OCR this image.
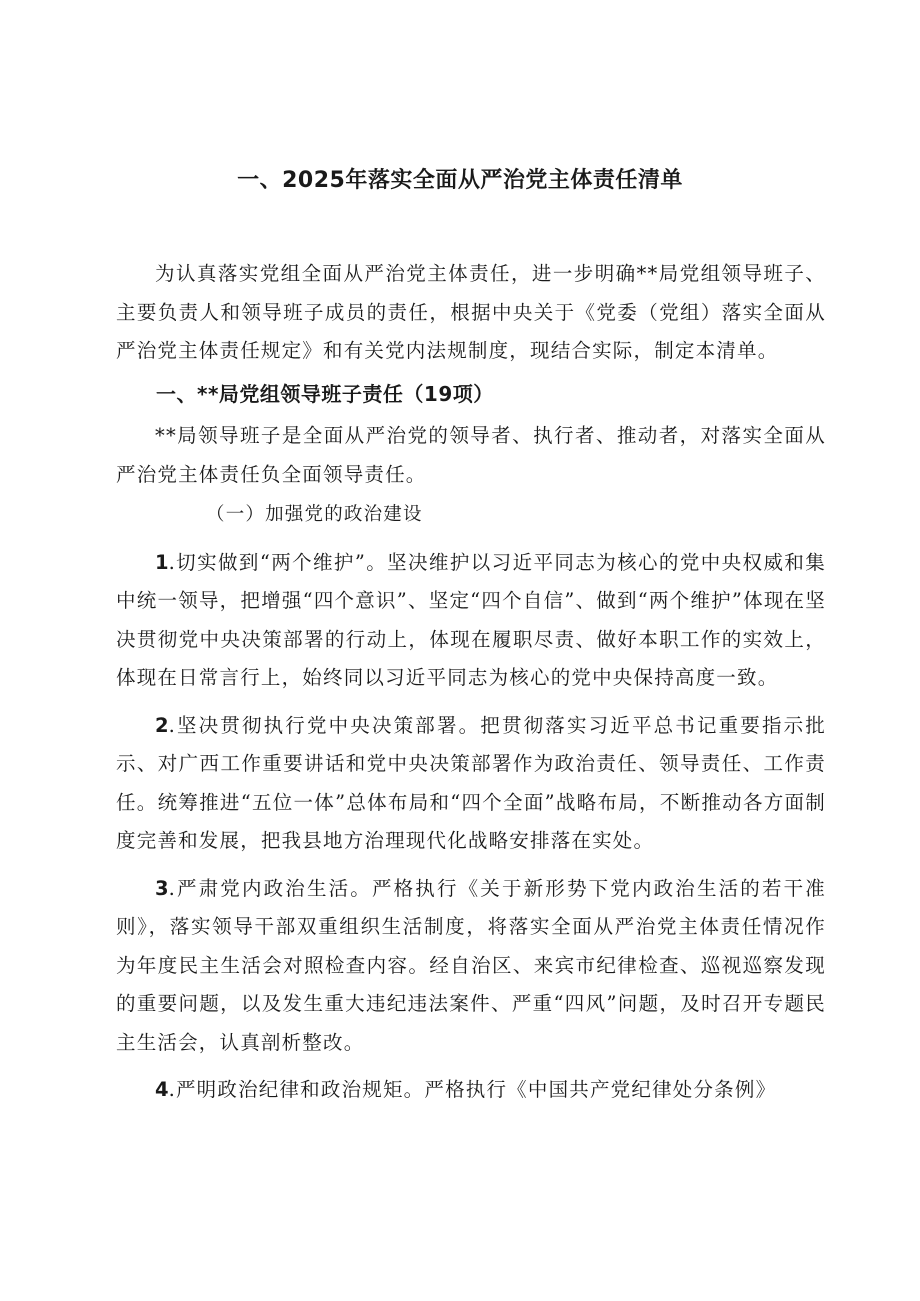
一、2025年落实全面从严治党主体责任清单

为认真落实党组全面从严治党主体责任，进一步明确**局党组领导班子、主要负责人和领导班子成员的责任，根据中央关于《党委（党组）落实全面从严治党主体责任规定》和有关党内法规制度，现结合实际，制定本清单。

一、**局党组领导班子责任（19项）

**局领导班子是全面从严治党的领导者、执行者、推动者，对落实全面从严治党主体责任负全面领导责任。

（一）加强党的政治建设

1.切实做到“两个维护”。坚决维护以习近平同志为核心的党中央权威和集中统一领导，把增强“四个意识”、坚定“四个自信”、做到“两个维护”体现在坚决贯彻党中央决策部署的行动上，体现在履职尽责、做好本职工作的实效上，体现在日常言行上，始终同以习近平同志为核心的党中央保持高度一致。

2.坚决贯彻执行党中央决策部署。把贯彻落实习近平总书记重要指示批示、对广西工作重要讲话和党中央决策部署作为政治责任、领导责任、工作责任。统筹推进“五位一体”总体布局和“四个全面”战略布局，不断推动各方面制度完善和发展，把我县地方治理现代化战略安排落在实处。

3.严肃党内政治生活。严格执行《关于新形势下党内政治生活的若干准则》，落实领导干部双重组织生活制度，将落实全面从严治党主体责任情况作为年度民主生活会对照检查内容。经自治区、来宾市纪律检查、巡视巡察发现的重要问题，以及发生重大违纪违法案件、严重“四风”问题，及时召开专题民主生活会，认真剖析整改。

4.严明政治纪律和政治规矩。严格执行《中国共产党纪律处分条例》
